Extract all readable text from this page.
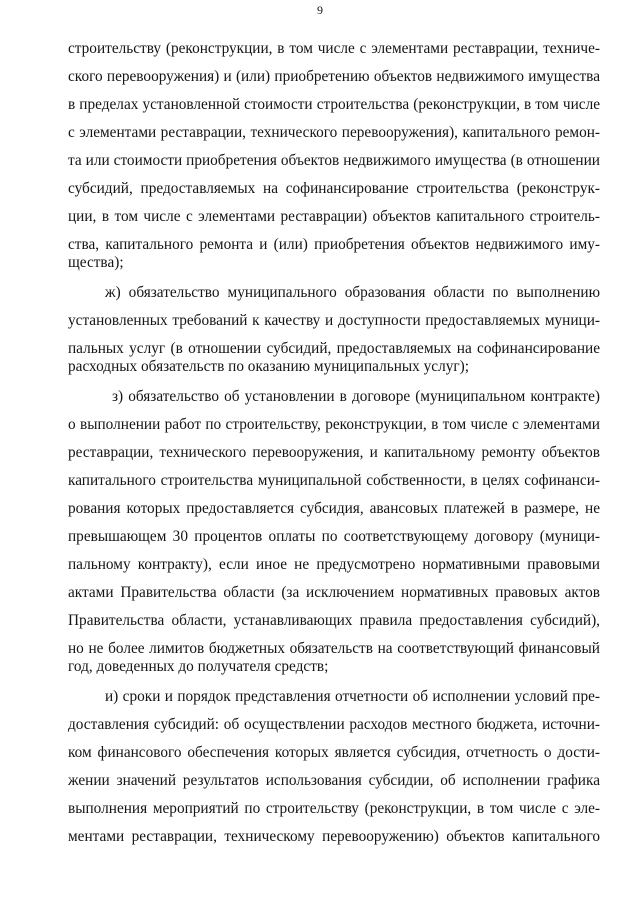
9
строительству (реконструкции, в том числе с элементами реставрации, техниче-
ского перевооружения) и (или) приобретению объектов недвижимого имущества
в пределах установленной стоимости строительства (реконструкции, в том числе
с элементами реставрации, технического перевооружения), капитального ремон-
та или стоимости приобретения объектов недвижимого имущества (в отношении
субсидий, предоставляемых на софинансирование строительства (реконструк-
ции, в том числе с элементами реставрации) объектов капитального строитель-
ства, капитального ремонта и (или) приобретения объектов недвижимого иму-
щества);
ж) обязательство муниципального образования области по выполнению
установленных требований к качеству и доступности предоставляемых муници-
пальных услуг (в отношении субсидий, предоставляемых на софинансирование
расходных обязательств по оказанию муниципальных услуг);
з) обязательство об установлении в договоре (муниципальном контракте)
о выполнении работ по строительству, реконструкции, в том числе с элементами
реставрации, технического перевооружения, и капитальному ремонту объектов
капитального строительства муниципальной собственности, в целях софинанси-
рования которых предоставляется субсидия, авансовых платежей в размере, не
превышающем 30 процентов оплаты по соответствующему договору (муници-
пальному контракту), если иное не предусмотрено нормативными правовыми
актами Правительства области (за исключением нормативных правовых актов
Правительства области, устанавливающих правила предоставления субсидий),
но не более лимитов бюджетных обязательств на соответствующий финансовый
год, доведенных до получателя средств;
и) сроки и порядок представления отчетности об исполнении условий пре-
доставления субсидий: об осуществлении расходов местного бюджета, источни-
ком финансового обеспечения которых является субсидия, отчетность о дости-
жении значений результатов использования субсидии, об исполнении графика
выполнения мероприятий по строительству (реконструкции, в том числе с эле-
ментами реставрации, техническому перевооружению) объектов капитального
